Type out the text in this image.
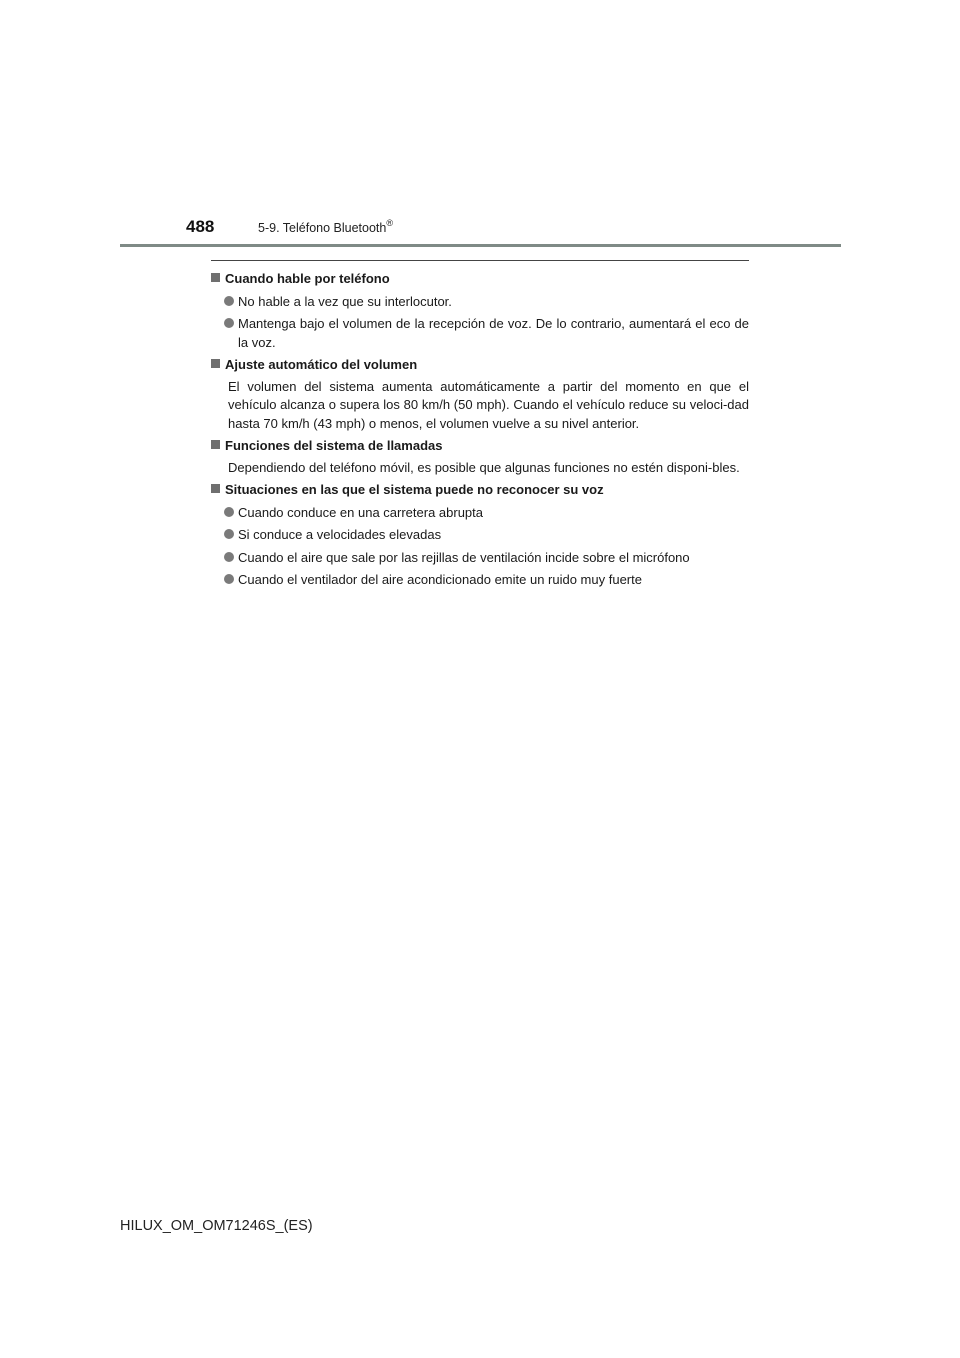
488	5-9. Teléfono Bluetooth®
Cuando hable por teléfono
No hable a la vez que su interlocutor.
Mantenga bajo el volumen de la recepción de voz. De lo contrario, aumentará el eco de la voz.
Ajuste automático del volumen
El volumen del sistema aumenta automáticamente a partir del momento en que el vehículo alcanza o supera los 80 km/h (50 mph). Cuando el vehículo reduce su veloci-dad hasta 70 km/h (43 mph) o menos, el volumen vuelve a su nivel anterior.
Funciones del sistema de llamadas
Dependiendo del teléfono móvil, es posible que algunas funciones no estén disponi-bles.
Situaciones en las que el sistema puede no reconocer su voz
Cuando conduce en una carretera abrupta
Si conduce a velocidades elevadas
Cuando el aire que sale por las rejillas de ventilación incide sobre el micrófono
Cuando el ventilador del aire acondicionado emite un ruido muy fuerte
HILUX_OM_OM71246S_(ES)
